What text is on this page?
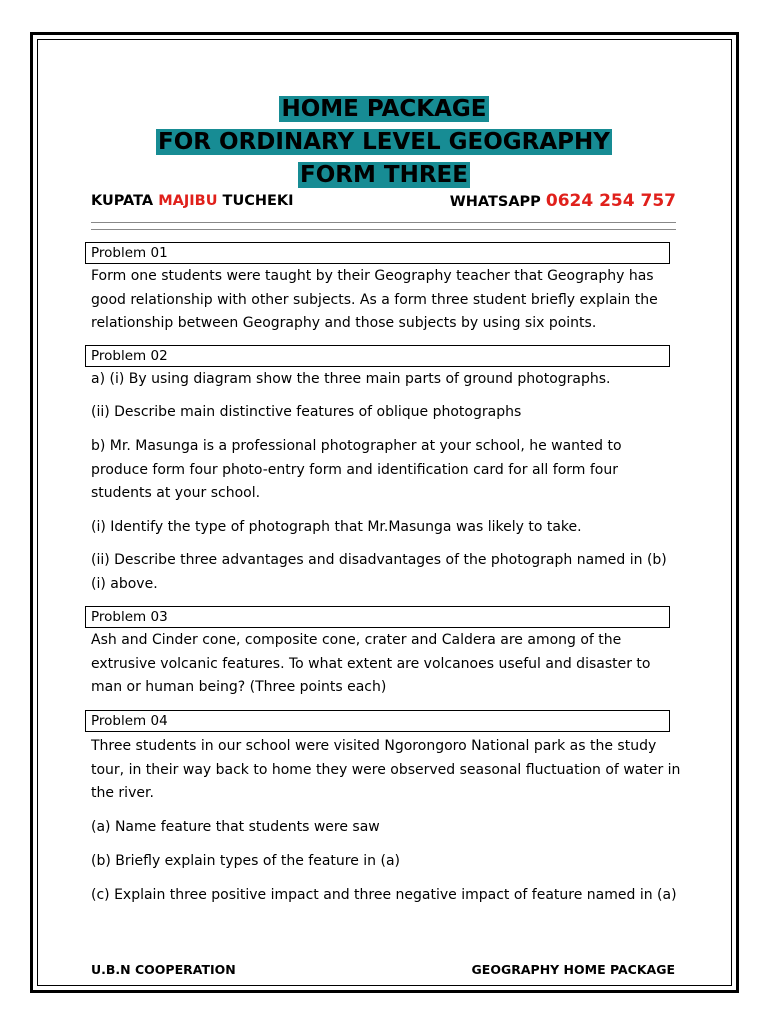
HOME PACKAGE
FOR ORDINARY LEVEL GEOGRAPHY
FORM THREE
KUPATA MAJIBU TUCHEKI	WHATSAPP 0624 254 757
Problem 01
Form one students were taught by their Geography teacher that Geography has good relationship with other subjects. As a form three student briefly explain the relationship between Geography and those subjects by using six points.
Problem 02
a) (i) By using diagram show the three main parts of ground photographs.
(ii) Describe main distinctive features of oblique photographs
b) Mr. Masunga is a professional photographer at your school, he wanted to produce form four photo-entry form and identification card for all form four students at your school.
(i) Identify the type of photograph that Mr.Masunga was likely to take.
(ii) Describe three advantages and disadvantages of the photograph named in (b) (i) above.
Problem 03
Ash and Cinder cone, composite cone, crater and Caldera are among of the extrusive volcanic features. To what extent are volcanoes useful and disaster to man or human being? (Three points each)
Problem 04
Three students in our school were visited Ngorongoro National park as the study tour, in their way back to home they were observed seasonal fluctuation of water in the river.
(a) Name feature that students were saw
(b) Briefly explain types of the feature in (a)
(c) Explain three positive impact and three negative impact of feature named in (a)
U.B.N COOPERATION	GEOGRAPHY HOME PACKAGE
